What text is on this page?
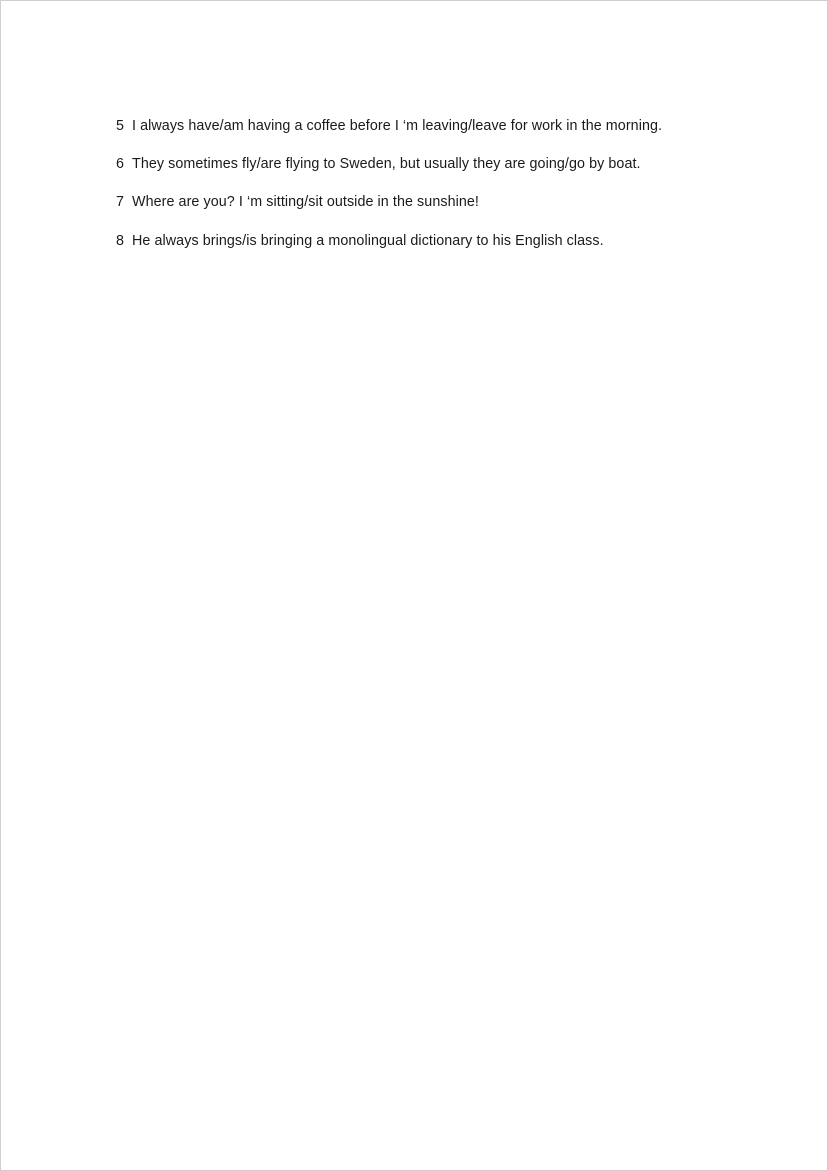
5 I always have/am having a coffee before I ‘m leaving/leave for work in the morning.
6 They sometimes fly/are flying to Sweden, but usually they are going/go by boat.
7 Where are you? I ‘m sitting/sit outside in the sunshine!
8 He always brings/is bringing a monolingual dictionary to his English class.
